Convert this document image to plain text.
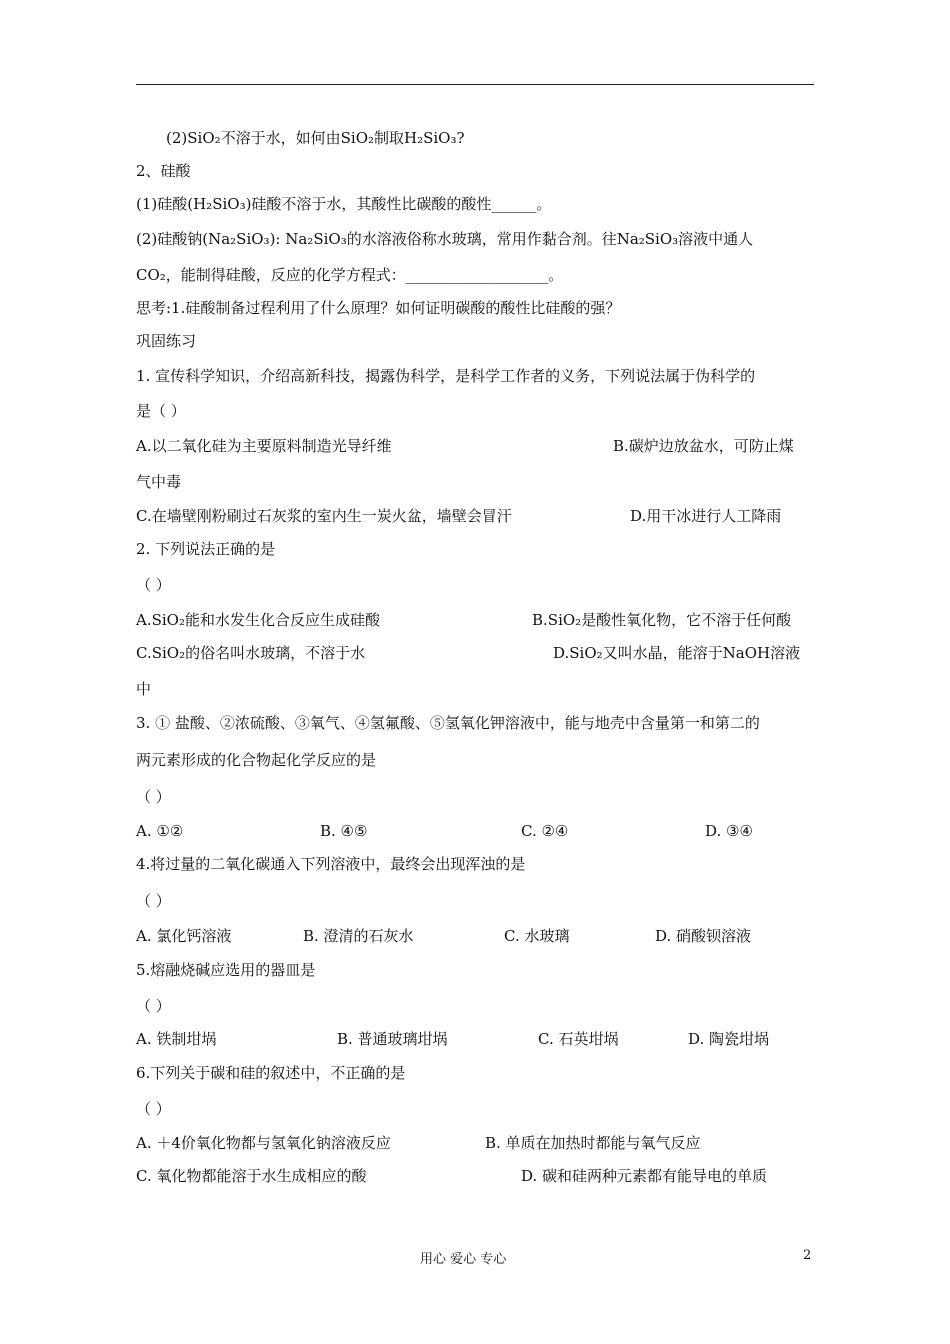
(2)SiO₂不溶于水，如何由SiO₂制取H₂SiO₃?
2、硅酸
(1)硅酸(H₂SiO₃)硅酸不溶于水，其酸性比碳酸的酸性______。
(2)硅酸钠(Na₂SiO₃): Na₂SiO₃的水溶液俗称水玻璃，常用作黏合剂。往Na₂SiO₃溶液中通人
CO₂，能制得硅酸，反应的化学方程式：___________________。
思考:1.硅酸制备过程利用了什么原理？如何证明碳酸的酸性比硅酸的强？
巩固练习
1. 宣传科学知识，介绍高新科技，揭露伪科学，是科学工作者的义务，下列说法属于伪科学的
是（ ）
A.以二氧化硅为主要原料制造光导纤维	B.碳炉边放盆水，可防止煤
气中毒
C.在墙壁刚粉刷过石灰浆的室内生一炭火盆，墙壁会冒汗	D.用干冰进行人工降雨
2. 下列说法正确的是
（ ）
A.SiO₂能和水发生化合反应生成硅酸	B.SiO₂是酸性氧化物，它不溶于任何酸
C.SiO₂的俗名叫水玻璃，不溶于水	D.SiO₂又叫水晶，能溶于NaOH溶液
中
3. ① 盐酸、②浓硫酸、③氧气、④氢氟酸、⑤氢氧化钾溶液中，能与地壳中含量第一和第二的
两元素形成的化合物起化学反应的是
（ ）
A. ①②	B. ④⑤	C. ②④	D. ③④
4.将过量的二氧化碳通入下列溶液中，最终会出现浑浊的是
（ ）
A. 氯化钙溶液	B. 澄清的石灰水	C. 水玻璃	D. 硝酸钡溶液
5.熔融烧碱应选用的器皿是
（ ）
A. 铁制坩埚	B. 普通玻璃坩埚	C. 石英坩埚	D. 陶瓷坩埚
6.下列关于碳和硅的叙述中，不正确的是
（ ）
A. ＋4价氧化物都与氢氧化钠溶液反应	B. 单质在加热时都能与氧气反应
C. 氧化物都能溶于水生成相应的酸	D. 碳和硅两种元素都有能导电的单质
用心 爱心 专心	2
